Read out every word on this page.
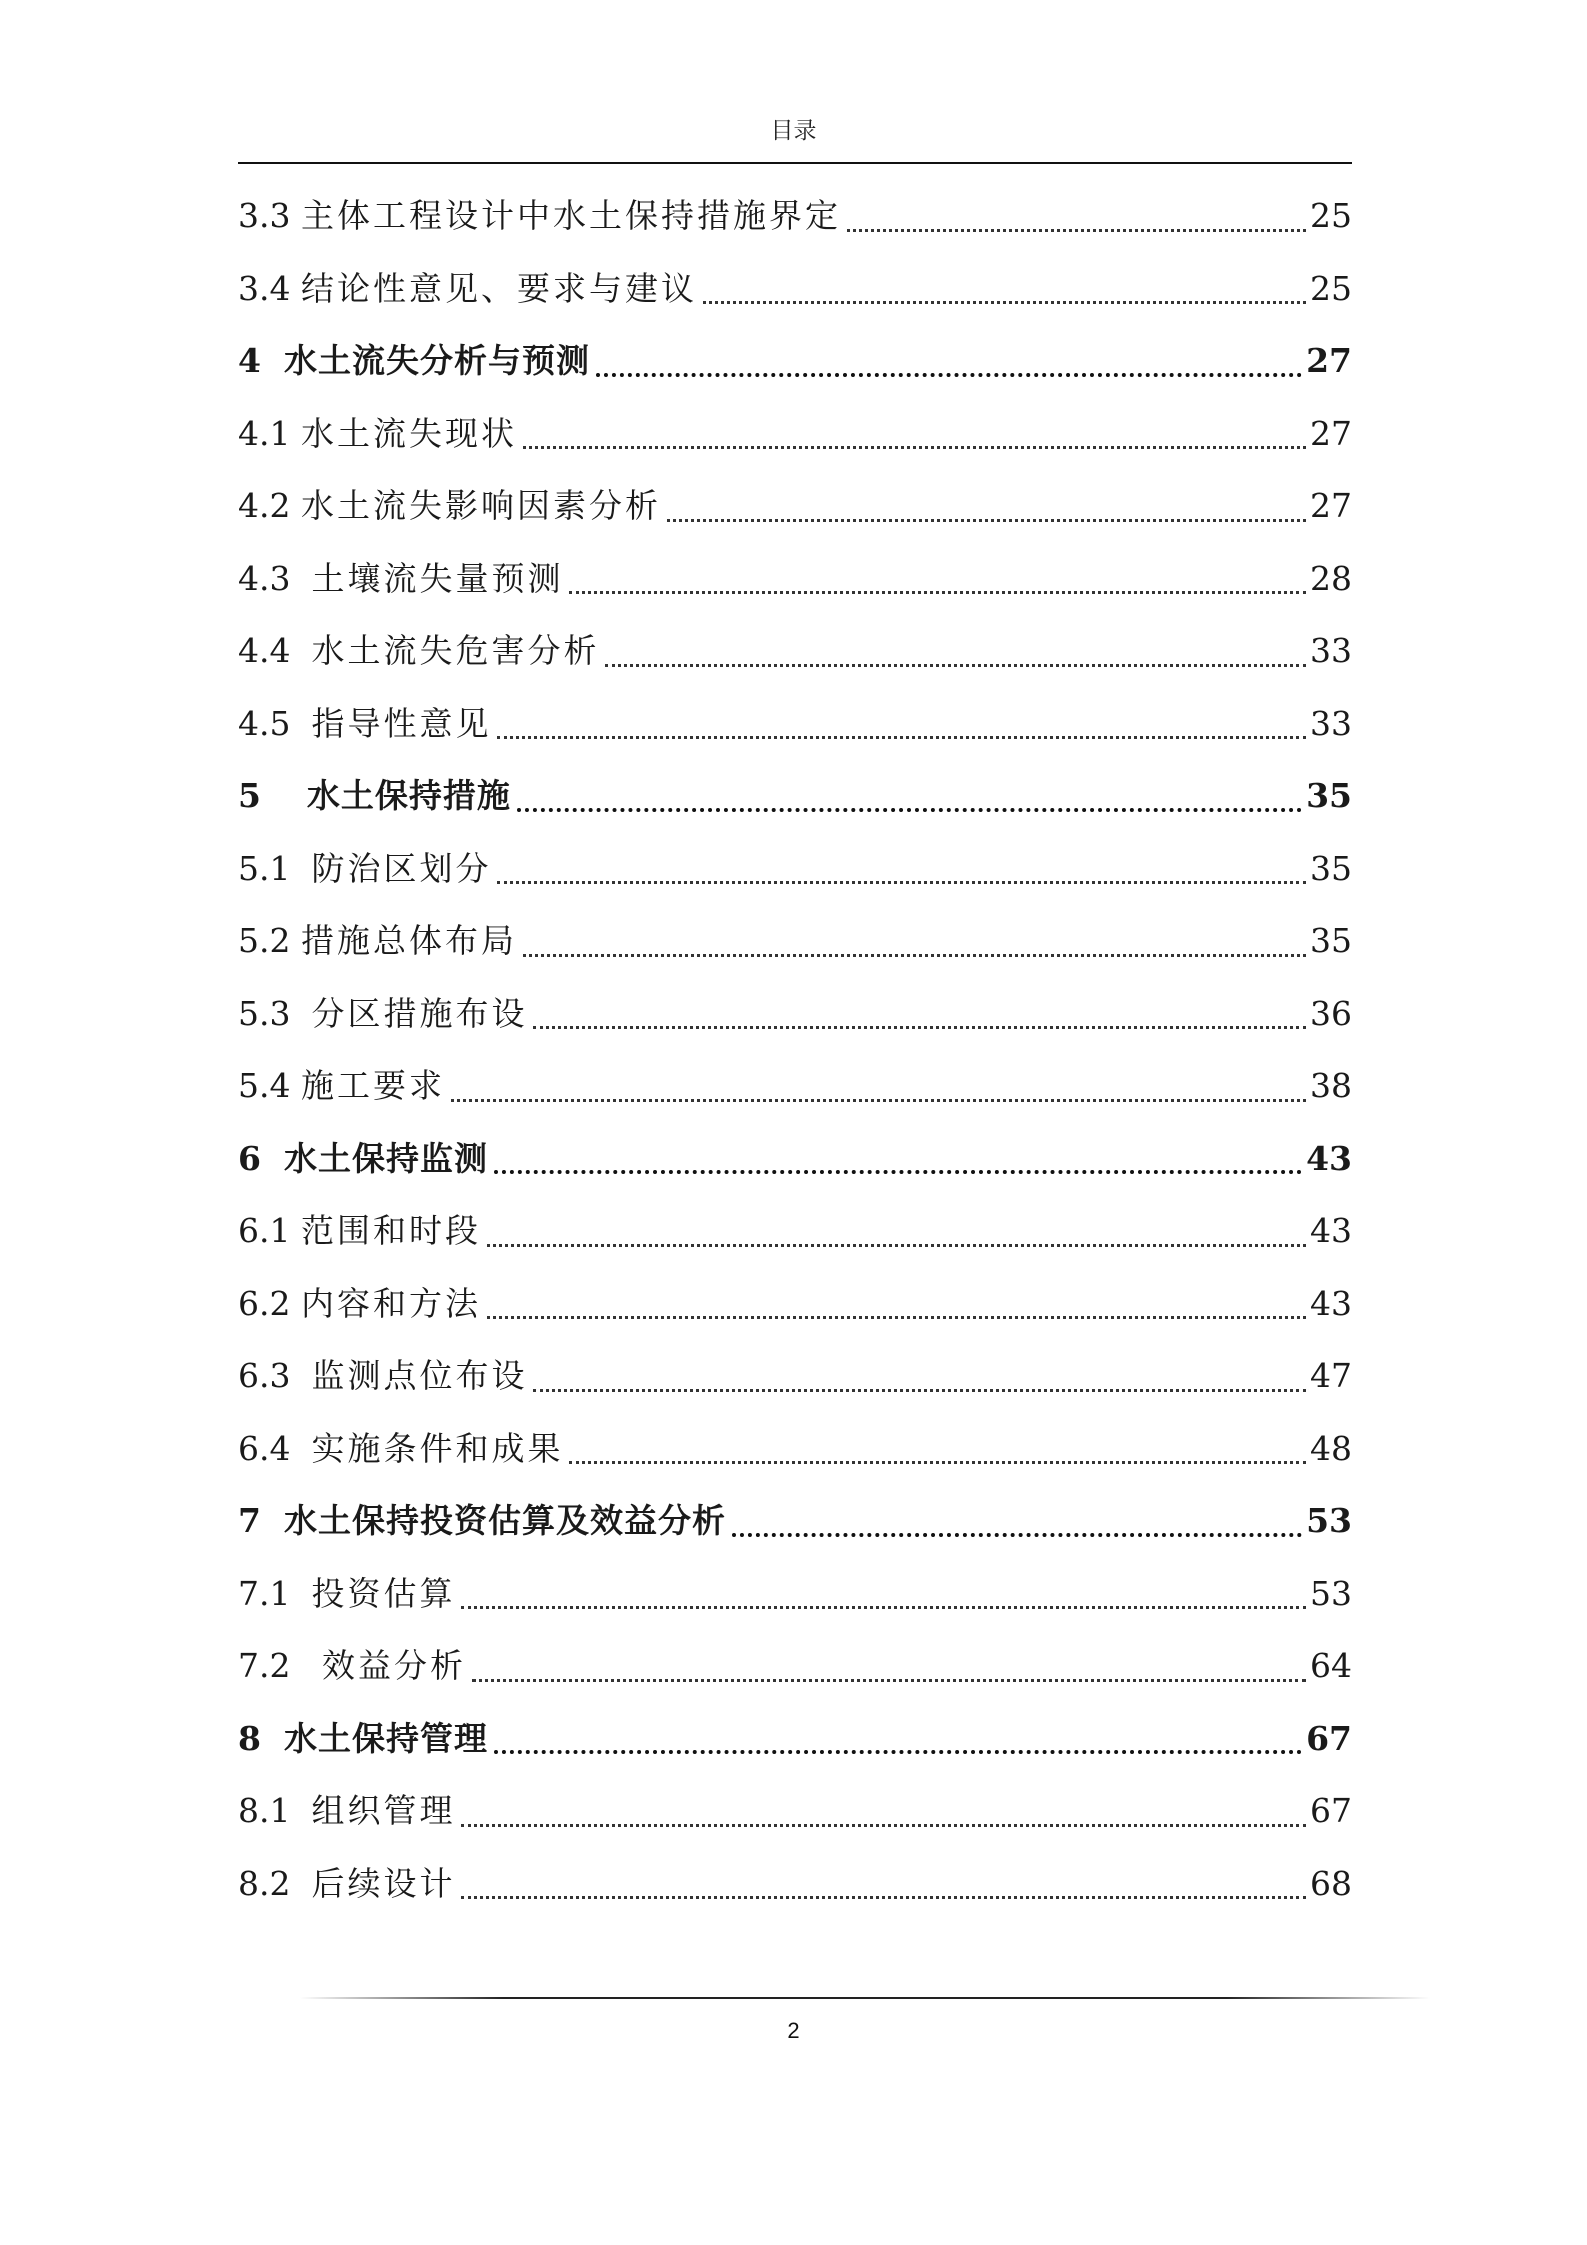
目录
3.3 主体工程设计中水土保持措施界定	25
3.4 结论性意见、要求与建议	25
4 水土流失分析与预测	27
4.1 水土流失现状	27
4.2 水土流失影响因素分析	27
4.3 土壤流失量预测	28
4.4 水土流失危害分析	33
4.5 指导性意见	33
5 水土保持措施	35
5.1 防治区划分	35
5.2 措施总体布局	35
5.3 分区措施布设	36
5.4 施工要求	38
6 水土保持监测	43
6.1 范围和时段	43
6.2 内容和方法	43
6.3 监测点位布设	47
6.4 实施条件和成果	48
7 水土保持投资估算及效益分析	53
7.1 投资估算	53
7.2 效益分析	64
8 水土保持管理	67
8.1 组织管理	67
8.2 后续设计	68
2
